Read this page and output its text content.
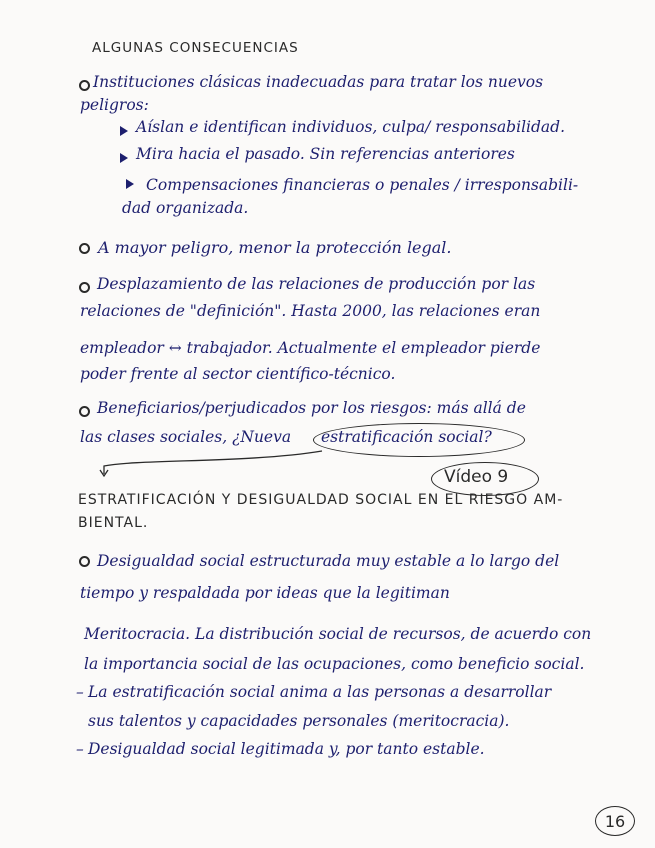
ALGUNAS CONSECUENCIAS
Instituciones clásicas inadecuadas para tratar los nuevos
peligros:
Aíslan e identifican individuos, culpa/ responsabilidad.
Mira hacia el pasado. Sin referencias anteriores
Compensaciones financieras o penales / irresponsabili-
dad organizada.
A mayor peligro, menor la protección legal.
Desplazamiento de las relaciones de producción por las
relaciones de "definición". Hasta 2000, las relaciones eran
empleador ↔ trabajador. Actualmente el empleador pierde
poder frente al sector científico-técnico.
Beneficiarios/perjudicados por los riesgos: más allá de
las clases sociales, ¿Nueva estratificación social?
Vídeo 9
ESTRATIFICACIÓN Y DESIGUALDAD SOCIAL EN EL RIESGO AM-
BIENTAL.
Desigualdad social estructurada muy estable a lo largo del
tiempo y respaldada por ideas que la legitiman
Meritocracia. La distribución social de recursos, de acuerdo con
la importancia social de las ocupaciones, como beneficio social.
– La estratificación social anima a las personas a desarrollar
sus talentos y capacidades personales (meritocracia).
– Desigualdad social legitimada y, por tanto estable.
16
